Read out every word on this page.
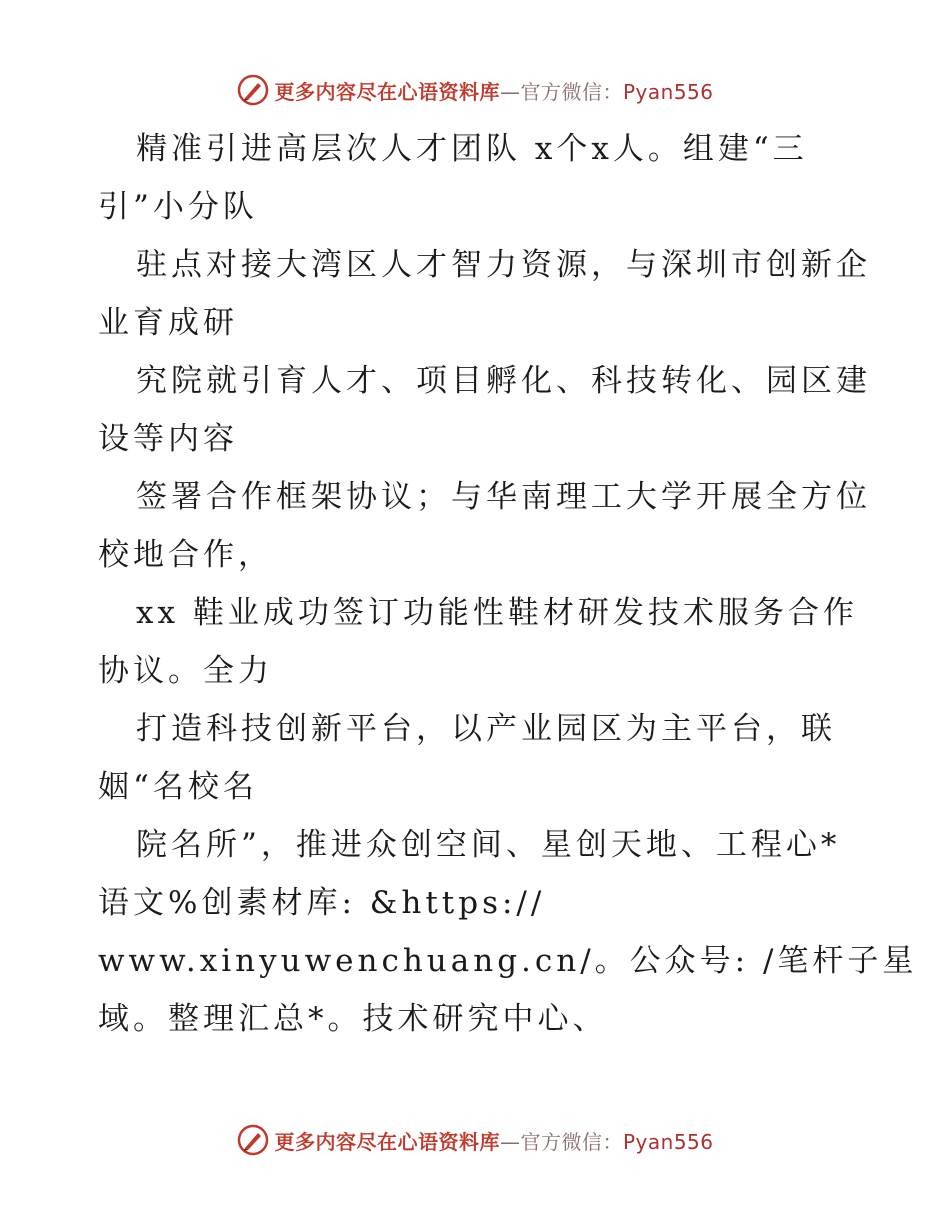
更多内容尽在心语资料库—官方微信：Pyan556
精准引进高层次人才团队 x个x人。组建“三
引”小分队
驻点对接大湾区人才智力资源，与深圳市创新企
业育成研
究院就引育人才、项目孵化、科技转化、园区建
设等内容
签署合作框架协议；与华南理工大学开展全方位
校地合作，
xx 鞋业成功签订功能性鞋材研发技术服务合作
协议。全力
打造科技创新平台，以产业园区为主平台，联
姻“名校名
院名所”，推进众创空间、星创天地、工程心*
语文%创素材库: &https://
www.xinyuwenchuang.cn/。公众号: /笔杆子星
域。整理汇总*。技术研究中心、
更多内容尽在心语资料库—官方微信：Pyan556
